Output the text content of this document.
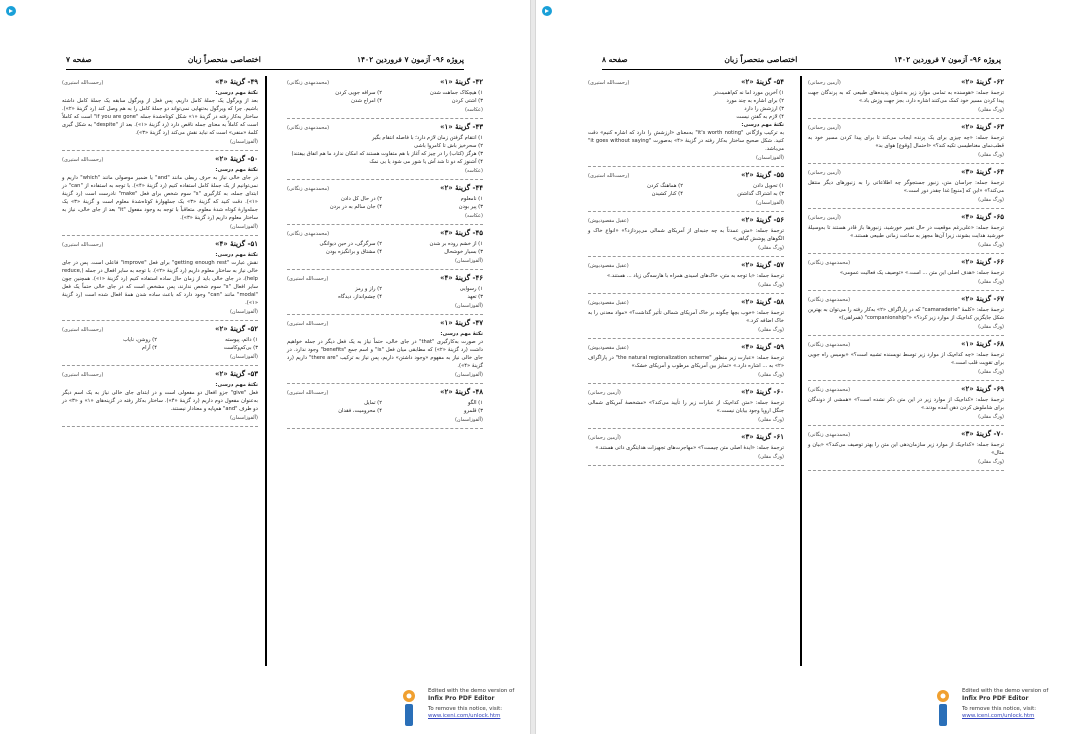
پروژه ۹۶- آزمون ۷ فروردین ۱۴۰۲
اختصاصی منحصراً زبان
صفحه ۷
۴۲- گزینهٔ «۱»
(محمدمهدی زنگانی)
۱) هیچکاک جماهت شدن
۲) سرافه جویی کردن
۳) اشتی کردن
۴) امراج شدن
(عکاسه)
۴۳- گزینهٔ «۱»
(محمدمهدی زنگانی)
۱) انتقام گرفتن زمان لازم دارد؛ با فاصله انتقام بگیر
۲) سحرخیز باش تا کامروا باشی
۳) هرگز (کتاب) را در چیز که آغاز با هم متفاوت هستند که امکان ندارد ما هم اتفاق بیفتند)
۴) آشنوز که دو تا شد آش یا شور می شود یا بی نمک
(عکاسه)
۴۴- گزینهٔ «۲»
(محمدمهدی زنگانی)
۱) نامعلوم
۲) در حال کل دادن
۳) پیر بودن
۴) جان سالم به در بردن
(عکاسه)
۴۵- گزینهٔ «۳»
(محمدمهدی زنگانی)
۱) از خشم روده بر شدن
۲) سرگرگی، در حین دیوانگی
۳) بسیار خوشحال
۴) مشتاق و برانگیزه بودن
(آلفوزاسمان)
۴۶- گزینهٔ «۴»
(رحمت‌الله استیری)
۱) رسوایی
۲) راز و رمز
۳) تعهد
۴) چشم‌انداز، دیدگاه
(آلفوزاسمان)
۴۷- گزینهٔ «۱»
(رحمت‌الله استیری)
نکتهٔ مهم درسی:
در صورت به‌کارگیری "that" در جای خالی، حتماً نیاز به یک فعل دیگر در جمله خواهیم داشت (رد گزینهٔ «۲») که مطابقی میان فعل "is" و اسم جمع "benefits" وجود ندارد. در جای خالی نیاز به مفهوم «وجود داشتن» داریم، پس نیاز به ترکیب "there are" داریم (رد گزینهٔ «۴»).
(آلفوزاسمان)
۴۸- گزینهٔ «۲»
(رحمت‌الله استیری)
۱) الگو
۲) تمایل
۳) قلمرو
۴) محرومیت، فقدان
(آلفوزاسمان)
۴۹- گزینهٔ «۴»
(رحمت‌الله استیری)
نکتهٔ مهم درسی:
بعد از ویرگول یک جملهٔ کامل داریم، پس فعل از ویرگول سابقه یک جملهٔ کامل داشته باشیم. چرا که ویرگول به‌تنهایی نمی‌تواند دو جملهٔ کامل را به هم وصل کند (رد گزینهٔ «۲»). ساختار به‌کار رفته در گزینهٔ «۱» شکل کوتاه‌شدهٔ جمله "if you are gone" است که کاملاً است که کاملاً به معنای جمله ناقص دارد (رد گزینهٔ «۱»). بعد از "despite" به شکل گیری کلمهٔ «منفی» است که نباید نقش می‌کند (رد گزینهٔ «۳»).
(آلفوزاسمان)
۵۰- گزینهٔ «۲»
(رحمت‌الله استیری)
نکتهٔ مهم درسی:
در جای خالی نیاز به حرف ربطی مانند "and" یا ضمیر موصولی مانند "which" داریم و نمی‌توانیم از یک جملهٔ کامل استفاده کنیم (رد گزینهٔ «۴»). با توجه به استفاده از "can" در ابتدای جمله، به کارگیری "s" سوم شخص برای فعل "make" نادرست است (رد گزینهٔ «۱»). دقت کنید که گزینهٔ «۳» یک جملهوارهٔ کوتاه‌شدهٔ معلوم است و گزینهٔ «۳» یک جمله‌وارهٔ کوتاه شدهٔ معلوم. متعاقباً با توجه به وجود مفعول "it" بعد از جای خالی، نیاز به ساختار معلوم داریم (رد گزینهٔ «۳»).
(آلفوزاسمان)
۵۱- گزینهٔ «۴»
(رحمت‌الله استیری)
نکتهٔ مهم درسی:
نقش عبارت "getting enough rest" برای فعل "improve" فاعلی است. پس در جای خالی نیاز به ساختار معلوم داریم (رد گزینهٔ «۲»). با توجه به سایر افعال در جمله (reduce, help)، در جای خالی باید از زمان حال ساده استفاده کنیم (رد گزینهٔ «۱»). همچنین چون سایر افعال "s" سوم شخص ندارند، پس مشخص است که در جای خالی حتماً یک فعل "modal" مانند "can" وجود دارد که باعث ساده شدن همهٔ افعال شده است (رد گزینهٔ «۱»).
(آلفوزاسمان)
۵۲- گزینهٔ «۲»
(رحمت‌الله استیری)
۱) دائم، پیوسته
۲) روشن، نایاب
۳) بی‌کم‌و‌کاست
۴) آرام
(آلفوزاسمان)
۵۳- گزینهٔ «۲»
(رحمت‌الله استیری)
نکتهٔ مهم درسی:
فعل "give" جزو افعال دو مفعولی است و در ابتدای جای خالی نیاز به یک اسم دیگر به‌عنوان مفعول دوم داریم (رد گزینهٔ «۴»). ساختار به‌کار رفته در گزینه‌های «۱» و «۳» در دو طرف "and" هم‌پایه و معنادار نیستند.
(آلفوزاسمان)
Edited with the demo version of
Infix Pro PDF Editor
To remove this notice, visit:
www.iceni.com/unlock.htm
پروژه ۹۶- آزمون ۷ فروردین ۱۴۰۲
اختصاصی منحصراً زبان
صفحه ۸
۶۲- گزینهٔ «۲»
(آرمین رحمانی)
ترجمهٔ جمله: «هوسنده به تمامی موارد زیر به‌عنوان پدیده‌های طبیعی که به پرندگان جهت پیدا کردن مسیر خود کمک می‌کنند اشاره دارد، بجز جهت وزش باد.»
(ورگ مقلی)
۶۳- گزینهٔ «۲»
(آرمین رحمانی)
ترجمهٔ جمله: «چه چیزی برای یک پرنده ایجاب می‌کند تا برای پیدا کردن مسیر خود به قطب‌نمای مغناطیسی تکیه کند؟» «احتمال [وقوع] هوای بد»
(ورگ مقلی)
۶۴- گزینهٔ «۳»
(آرمین رحمانی)
ترجمهٔ جمله: جراسان متن، زنبور جستجوگر چه اطلاعاتی را به زنبورهای دیگر منتقل می‌کند؟» «این که [منبع] غذا چقدر دور است.»
(ورگ مقلی)
۶۵- گزینهٔ «۴»
(آرمین رحمانی)
ترجمهٔ جمله: «علی‌رغم موقعیت در حال تغییر خورشید، زنبورها باز قادر هستند تا به‌وسیلهٔ خورشید هدایت بشوند، زیرا آن‌ها مجهز به ساعت زمانی طبیعی هستند.»
(ورگ مقلی)
۶۶- گزینهٔ «۲»
(محمدمهدی زنگانی)
ترجمهٔ جمله: «هدف اصلی این متن ... است.» «توصیف یک فعالیت عمومی»
(ورگ مقلی)
۶۷- گزینهٔ «۲»
(محمدمهدی زنگانی)
ترجمهٔ جمله: «کلمهٔ "camaraderie" که در پاراگراف «۲» به‌کار رفته را می‌توان به بهترین شکل جایگزین کدام‌یک از موارد زیر کرد؟» «"companionship" (همراهی)»
(ورگ مقلی)
۶۸- گزینهٔ «۱»
(محمدمهدی زنگانی)
ترجمهٔ جمله: «چه کدام‌یک از موارد زیر توسط نویسنده تشبیه است؟» «بومیس راه جویی برای تقویت قلب است.»
(ورگ مقلی)
۶۹- گزینهٔ «۲»
(محمدمهدی زنگانی)
ترجمهٔ جمله: «کدام‌یک از موارد زیر در این متن ذکر نشده است؟» «همشی از دوندگان برای شاملوش کردن ذهن آمده بودند.»
(ورگ مقلی)
۷۰- گزینهٔ «۳»
(محمدمهدی زنگانی)
ترجمهٔ جمله: «کدام‌یک از موارد زیر سازمان‌دهی این متن را بهتر توصیف می‌کند؟» «بیان و مثال»
(ورگ مقلی)
۵۴- گزینهٔ «۲»
(رحمت‌الله استیری)
۱) آخرین مورد اما نه کم‌اهمیت‌تر
۲) برای اشاره به چند مورد
۳) ارزشش را دارد
۴) لازم به گفتن نیست
نکتهٔ مهم درسی:
به ترکیب واژگانی "it's worth noting" به‌معنای «ارزشش را دارد که اشاره کنیم» دقت کنید. شکل صحیح ساختار به‌کار رفته در گزینهٔ «۴» به‌صورت "it goes without saying" می‌باشد.
(آلفوزاسمان)
۵۵- گزینهٔ «۲»
(رحمت‌الله استیری)
۱) تحویل دادن
۲) هماهنگ کردن
۳) به اشتراک گذاشتن
۴) کنار کشیدن
(آلفوزاسمان)
۵۶- گزینهٔ «۲»
(عقیل مقصودیوش)
ترجمهٔ جمله: «متن عمدتاً به چه جنبه‌ای از آمریکای شمالی می‌پردازد؟» «انواع خاک و الگوهای پوشش گیاهی»
(ورگ مقلی)
۵۷- گزینهٔ «۲»
(عقیل مقصودیوش)
ترجمهٔ جمله: «با توجه به متن، خاک‌های اسیدی همراه با هارسه‌گی زیاد ... هستند.»
(ورگ مقلی)
۵۸- گزینهٔ «۲»
(عقیل مقصودیوش)
ترجمهٔ جمله: «خوب بچها چگونه بر خاک آمریکای شمالی تأثیر گذاشت؟» «مواد معدنی را به خاک اضافه کرد.»
(ورگ مقلی)
۵۹- گزینهٔ «۴»
(عقیل مقصودیوش)
ترجمهٔ جمله: «عبارت زیر منظور "the natural regionalization scheme" در پاراگراف «۲» به ... اشاره دارد.» «تمایز بین آمریکای مرطوب و آمریکای خشک»
(ورگ مقلی)
۶۰- گزینهٔ «۲»
(آرمین رحمانی)
ترجمهٔ جمله: «متن کدام‌یک از عبارات زیر را تأیید می‌کند؟» «مشخصهٔ آمریکای شمالی جنگل اروپا وجود بیابان نیست.»
(ورگ مقلی)
۶۱- گزینهٔ «۳»
(آرمین رحمانی)
ترجمهٔ جمله: «ایدهٔ اصلی متن چیست؟» «مهاجرت‌های تجهیزات هدایتگری ذاتی هستند.»
(ورگ مقلی)
Edited with the demo version of
Infix Pro PDF Editor
To remove this notice, visit:
www.iceni.com/unlock.htm
